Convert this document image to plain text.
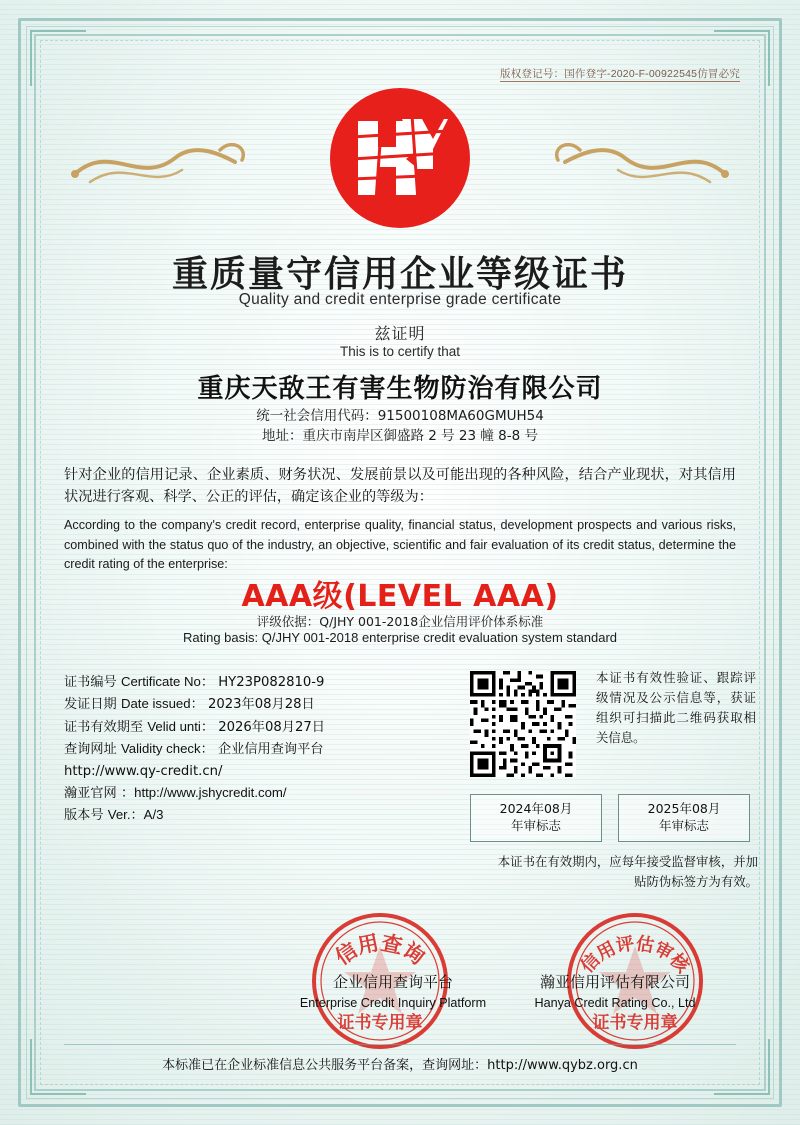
版权登记号：国作登字-2020-F-00922545仿冒必究
重质量守信用企业等级证书
Quality and credit enterprise grade certificate
兹证明
This is to certify that
重庆天敌王有害生物防治有限公司
统一社会信用代码：91500108MA60GMUH54
地址：重庆市南岸区御盛路 2 号 23 幢 8-8 号
针对企业的信用记录、企业素质、财务状况、发展前景以及可能出现的各种风险，结合产业现状，对其信用状况进行客观、科学、公正的评估，确定该企业的等级为：
According to the company's credit record, enterprise quality, financial status, development prospects and various risks, combined with the status quo of the industry, an objective, scientific and fair evaluation of its credit status, determine the credit rating of the enterprise:
AAA级(LEVEL AAA)
评级依据：Q/JHY 001-2018企业信用评价体系标准
Rating basis: Q/JHY 001-2018 enterprise credit evaluation system standard
证书编号 Certificate No： HY23P082810-9
发证日期 Date issued： 2023年08月28日
证书有效期至 Velid unti： 2026年08月27日
查询网址 Validity check： 企业信用查询平台
http://www.qy-credit.cn/
瀚亚官网 ：http://www.jshycredit.com/
版本号 Ver.：A/3
本证书有效性验证、跟踪评级情况及公示信息等，获证组织可扫描此二维码获取相关信息。
2024年08月
年审标志
2025年08月
年审标志
本证书在有效期内，应每年接受监督审核，并加贴防伪标签方为有效。
信用查询
证书专用章
信用评估审核
证书专用章
企业信用查询平台
Enterprise Credit Inquiry Platform
瀚亚信用评估有限公司
Hanya Credit Rating Co., Ltd
本标准已在企业标准信息公共服务平台备案，查询网址：http://www.qybz.org.cn
